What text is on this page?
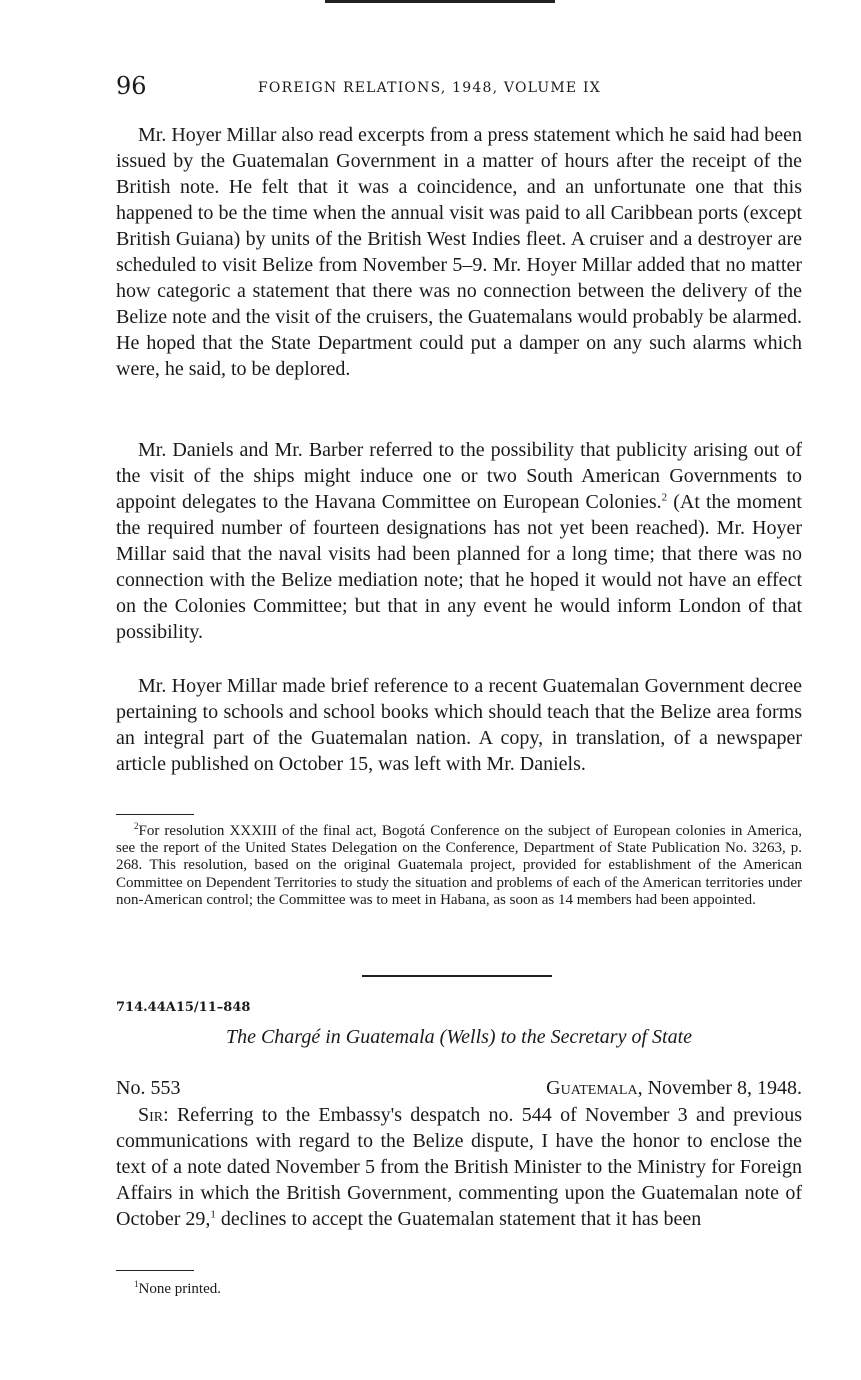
96	FOREIGN RELATIONS, 1948, VOLUME IX

Mr. Hoyer Millar also read excerpts from a press statement which he said had been issued by the Guatemalan Government in a matter of hours after the receipt of the British note. He felt that it was a coincidence, and an unfortunate one that this happened to be the time when the annual visit was paid to all Caribbean ports (except British Guiana) by units of the British West Indies fleet. A cruiser and a destroyer are scheduled to visit Belize from November 5–9. Mr. Hoyer Millar added that no matter how categoric a statement that there was no connection between the delivery of the Belize note and the visit of the cruisers, the Guatemalans would probably be alarmed. He hoped that the State Department could put a damper on any such alarms which were, he said, to be deplored.

Mr. Daniels and Mr. Barber referred to the possibility that publicity arising out of the visit of the ships might induce one or two South American Governments to appoint delegates to the Havana Committee on European Colonies.$^2$ (At the moment the required number of fourteen designations has not yet been reached). Mr. Hoyer Millar said that the naval visits had been planned for a long time; that there was no connection with the Belize mediation note; that he hoped it would not have an effect on the Colonies Committee; but that in any event he would inform London of that possibility.

Mr. Hoyer Millar made brief reference to a recent Guatemalan Government decree pertaining to schools and school books which should teach that the Belize area forms an integral part of the Guatemalan nation. A copy, in translation, of a newspaper article published on October 15, was left with Mr. Daniels.

$^2$For resolution XXXIII of the final act, Bogotá Conference on the subject of European colonies in America, see the report of the United States Delegation on the Conference, Department of State Publication No. 3263, p. 268. This resolution, based on the original Guatemala project, provided for establishment of the American Committee on Dependent Territories to study the situation and problems of each of the American territories under non-American control; the Committee was to meet in Habana, as soon as 14 members had been appointed.

714.44A15/11–848
The Chargé in Guatemala (Wells) to the Secretary of State
No. 553	Guatemala, November 8, 1948.

Sir: Referring to the Embassy's despatch no. 544 of November 3 and previous communications with regard to the Belize dispute, I have the honor to enclose the text of a note dated November 5 from the British Minister to the Ministry for Foreign Affairs in which the British Government, commenting upon the Guatemalan note of October 29,$^1$ declines to accept the Guatemalan statement that it has been

$^1$None printed.
